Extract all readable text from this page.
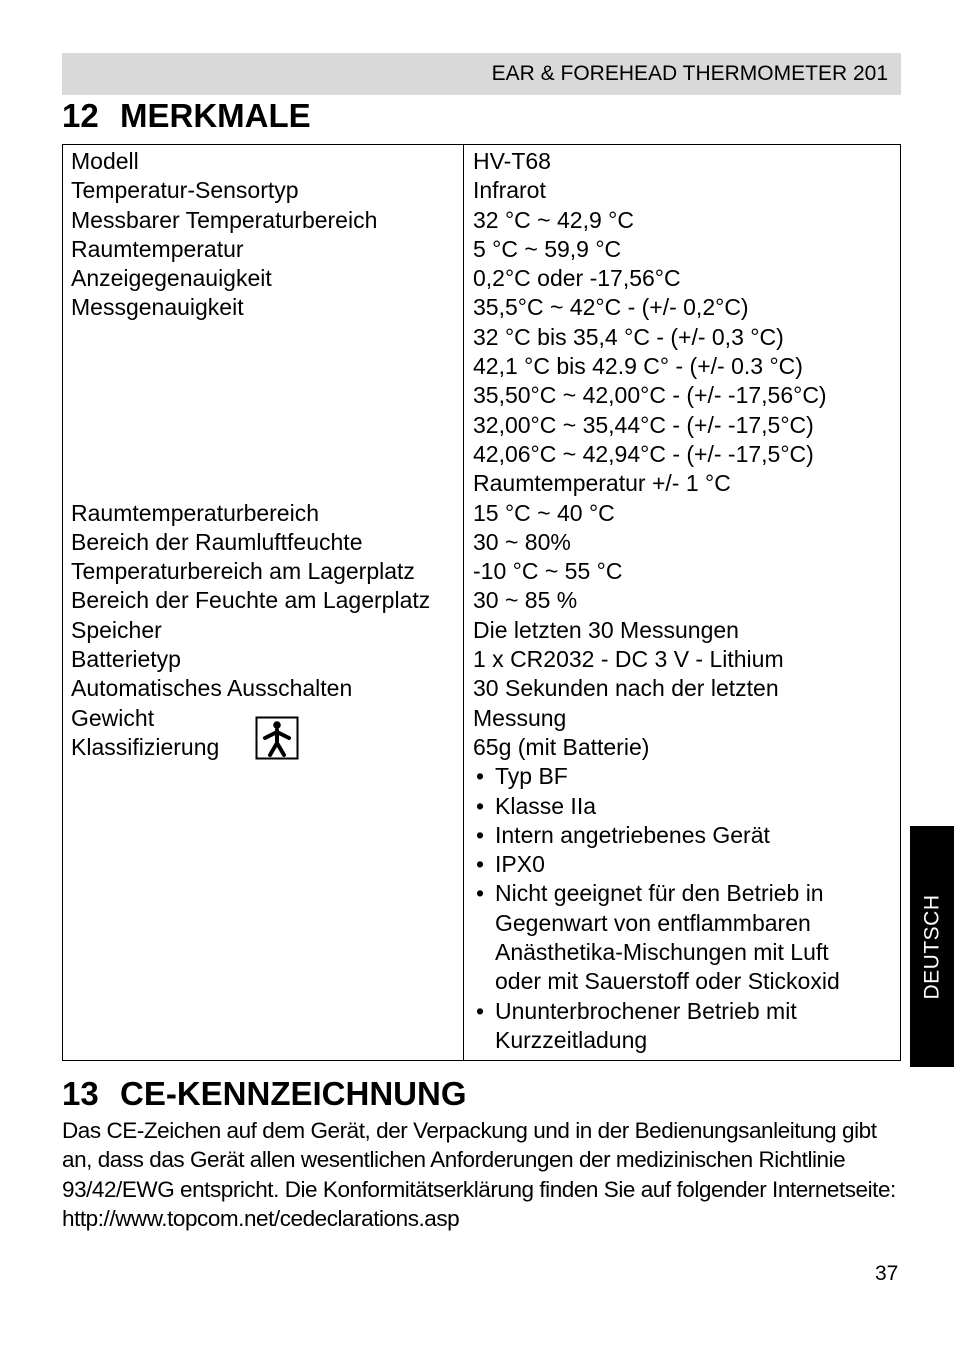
EAR & FOREHEAD THERMOMETER 201
12 MERKMALE
Modell
Temperatur-Sensortyp
Messbarer Temperaturbereich
Raumtemperatur
Anzeigegenauigkeit
Messgenauigkeit
Raumtemperaturbereich
Bereich der Raumluftfeuchte
Temperaturbereich am Lagerplatz
Bereich der Feuchte am Lagerplatz
Speicher
Batterietyp
Automatisches Ausschalten
Gewicht
Klassifizierung
HV-T68
Infrarot
32 °C ~ 42,9 °C
5 °C ~ 59,9 °C
0,2°C oder -17,56°C
35,5°C ~ 42°C - (+/- 0,2°C)
32 °C bis 35,4 °C - (+/- 0,3 °C)
42,1 °C bis 42.9 C° - (+/- 0.3 °C)
35,50°C ~ 42,00°C - (+/- -17,56°C)
32,00°C ~ 35,44°C - (+/- -17,5°C)
42,06°C ~ 42,94°C - (+/- -17,5°C)
Raumtemperatur +/- 1 °C
15 °C ~ 40 °C
30 ~ 80%
-10 °C ~ 55 °C
30 ~ 85 %
Die letzten 30 Messungen
1 x CR2032 - DC 3 V - Lithium
30 Sekunden nach der letzten
Messung
65g (mit Batterie)
• Typ BF
• Klasse IIa
• Intern angetriebenes Gerät
• IPX0
• Nicht geeignet für den Betrieb in Gegenwart von entflammbaren Anästhetika-Mischungen mit Luft oder mit Sauerstoff oder Stickoxid
• Ununterbrochener Betrieb mit Kurzzeitladung
13 CE-KENNZEICHNUNG

Das CE-Zeichen auf dem Gerät, der Verpackung und in der Bedienungsanleitung gibt an, dass das Gerät allen wesentlichen Anforderungen der medizinischen Richtlinie 93/42/EWG entspricht. Die Konformitätserklärung finden Sie auf folgender Internetseite: http://www.topcom.net/cedeclarations.asp

DEUTSCH
37
